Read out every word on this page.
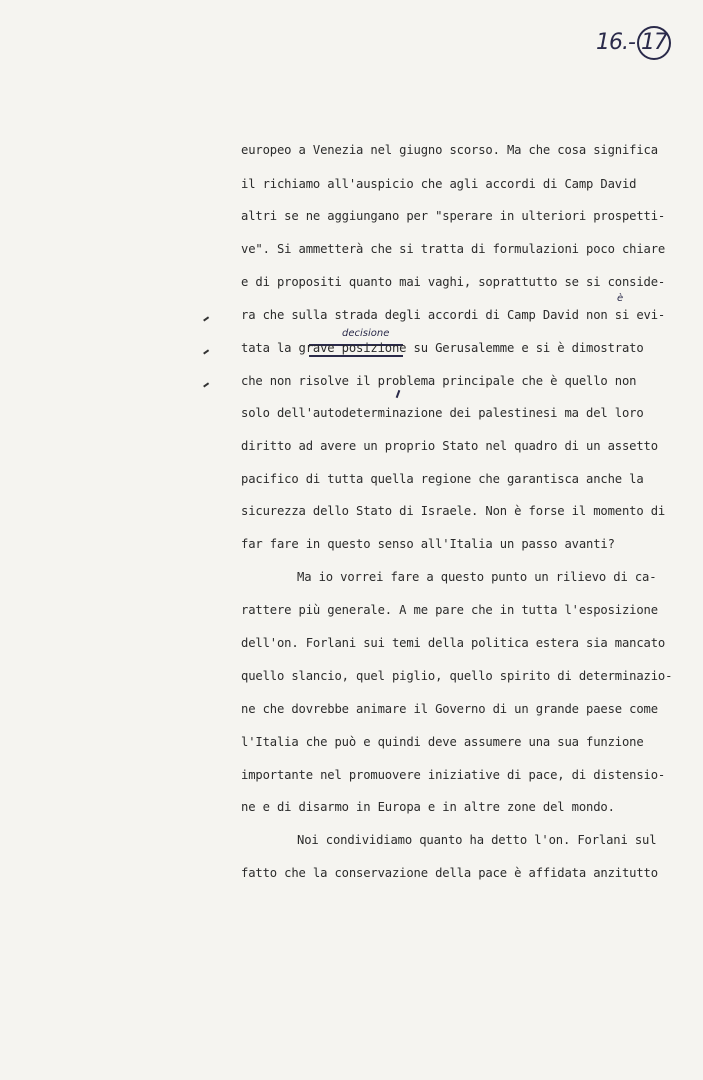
16.- 17
è
decisione
europeo a Venezia nel giugno scorso. Ma che cosa significa
il richiamo all'auspicio che agli accordi di Camp David
altri se ne aggiungano per "sperare in ulteriori prospetti-
ve". Si ammetterà che si tratta di formulazioni poco chiare
e di propositi quanto mai vaghi, soprattutto se si conside-
ra che sulla strada degli accordi di Camp David non si evi-
tata la grave posizione su Gerusalemme e si è dimostrato
che non risolve il problema principale che è quello non
solo dell'autodeterminazione dei palestinesi ma del loro
diritto ad avere un proprio Stato nel quadro di un assetto
pacifico di tutta quella regione che garantisca anche la
sicurezza dello Stato di Israele. Non è forse il momento di
far fare in questo senso all'Italia un passo avanti?
Ma io vorrei fare a questo punto un rilievo di ca-
rattere più generale. A me pare che in tutta l'esposizione
dell'on. Forlani sui temi della politica estera sia mancato
quello slancio, quel piglio, quello spirito di determinazio-
ne che dovrebbe animare il Governo di un grande paese come
l'Italia che può e quindi deve assumere una sua funzione
importante nel promuovere iniziative di pace, di distensio-
ne e di disarmo in Europa e in altre zone del mondo.
Noi condividiamo quanto ha detto l'on. Forlani sul
fatto che la conservazione della pace è affidata anzitutto
